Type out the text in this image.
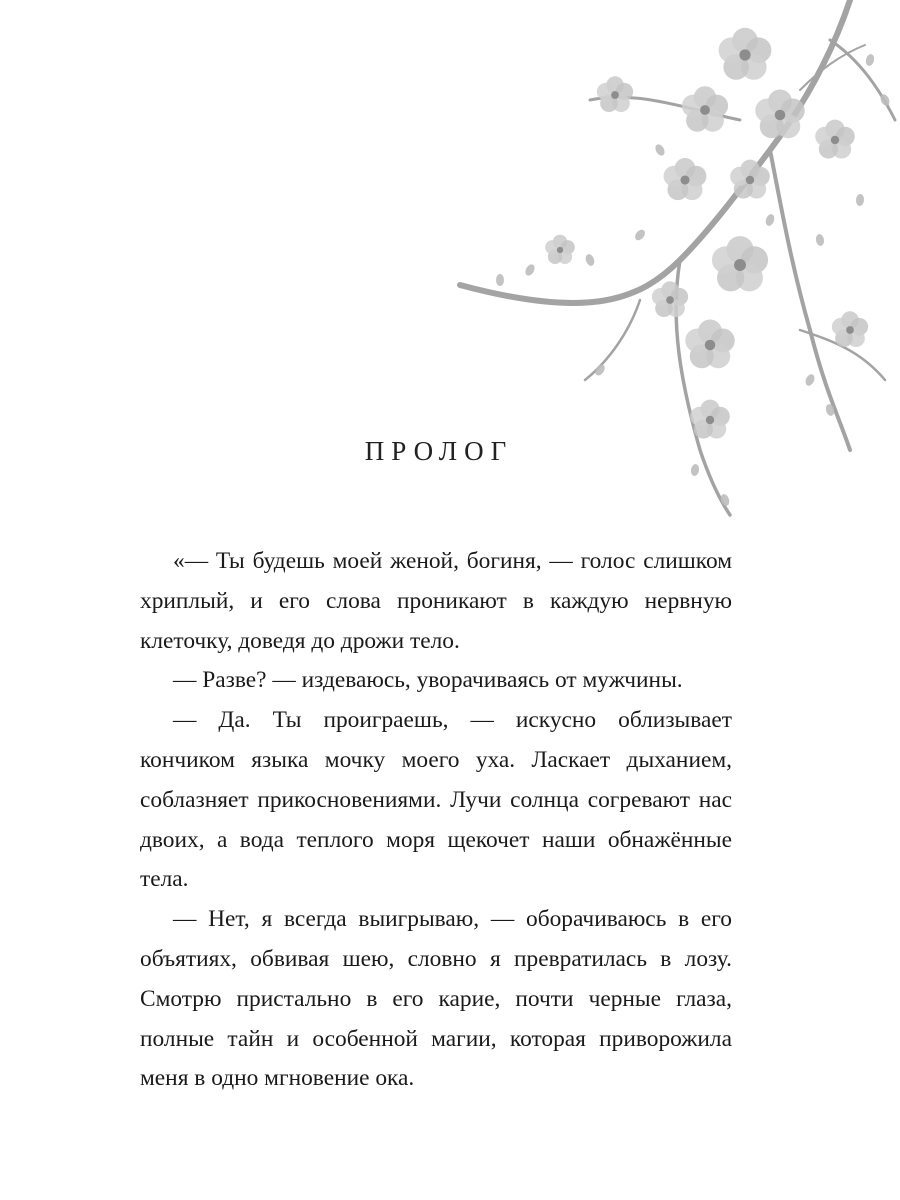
ПРОЛОГ

«— Ты будешь моей женой, богиня, — голос слишком хриплый, и его слова проникают в каждую нервную клеточку, доведя до дрожи тело.

— Разве? — издеваюсь, уворачиваясь от мужчины.

— Да. Ты проиграешь, — искусно облизывает кончиком языка мочку моего уха. Ласкает дыханием, соблазняет прикосновениями. Лучи солнца согревают нас двоих, а вода теплого моря щекочет наши обнажённые тела.

— Нет, я всегда выигрываю, — оборачиваюсь в его объятиях, обвивая шею, словно я превратилась в лозу. Смотрю пристально в его карие, почти черные глаза, полные тайн и особенной магии, которая приворожила меня в одно мгновение ока.
